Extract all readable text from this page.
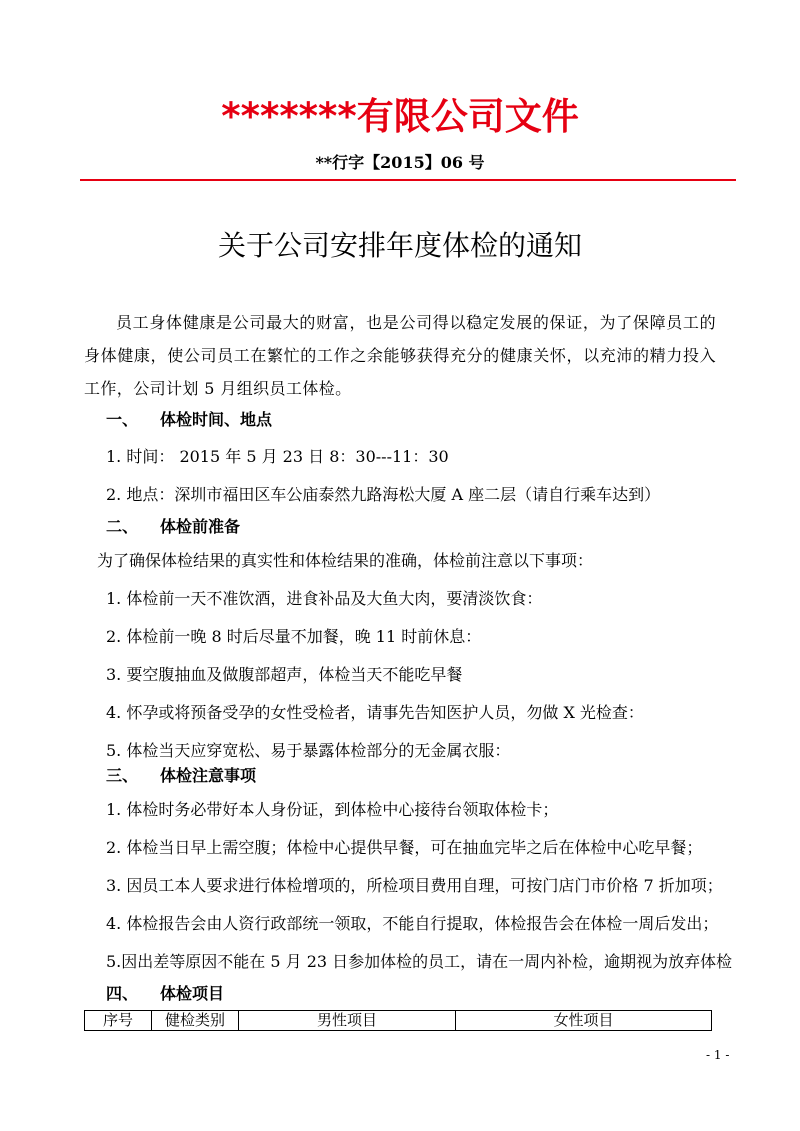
*******有限公司文件
**行字【2015】06 号
关于公司安排年度体检的通知
员工身体健康是公司最大的财富，也是公司得以稳定发展的保证，为了保障员工的身体健康，使公司员工在繁忙的工作之余能够获得充分的健康关怀，以充沛的精力投入工作，公司计划 5 月组织员工体检。
一、 体检时间、地点
1. 时间： 2015 年 5 月 23 日 8：30---11：30
2. 地点：深圳市福田区车公庙泰然九路海松大厦 A 座二层（请自行乘车达到）
二、 体检前准备
为了确保体检结果的真实性和体检结果的准确，体检前注意以下事项：
1. 体检前一天不准饮酒，进食补品及大鱼大肉，要清淡饮食：
2. 体检前一晚 8 时后尽量不加餐，晚 11 时前休息：
3. 要空腹抽血及做腹部超声，体检当天不能吃早餐
4. 怀孕或将预备受孕的女性受检者，请事先告知医护人员，勿做 X 光检查：
5. 体检当天应穿宽松、易于暴露体检部分的无金属衣服：
三、 体检注意事项
1. 体检时务必带好本人身份证，到体检中心接待台领取体检卡；
2. 体检当日早上需空腹；体检中心提供早餐，可在抽血完毕之后在体检中心吃早餐；
3. 因员工本人要求进行体检增项的，所检项目费用自理，可按门店门市价格 7 折加项；
4. 体检报告会由人资行政部统一领取，不能自行提取，体检报告会在体检一周后发出；
5.因出差等原因不能在 5 月 23 日参加体检的员工，请在一周内补检，逾期视为放弃体检
四、 体检项目
序号	健检类别	男性项目	女性项目
- 1 -
